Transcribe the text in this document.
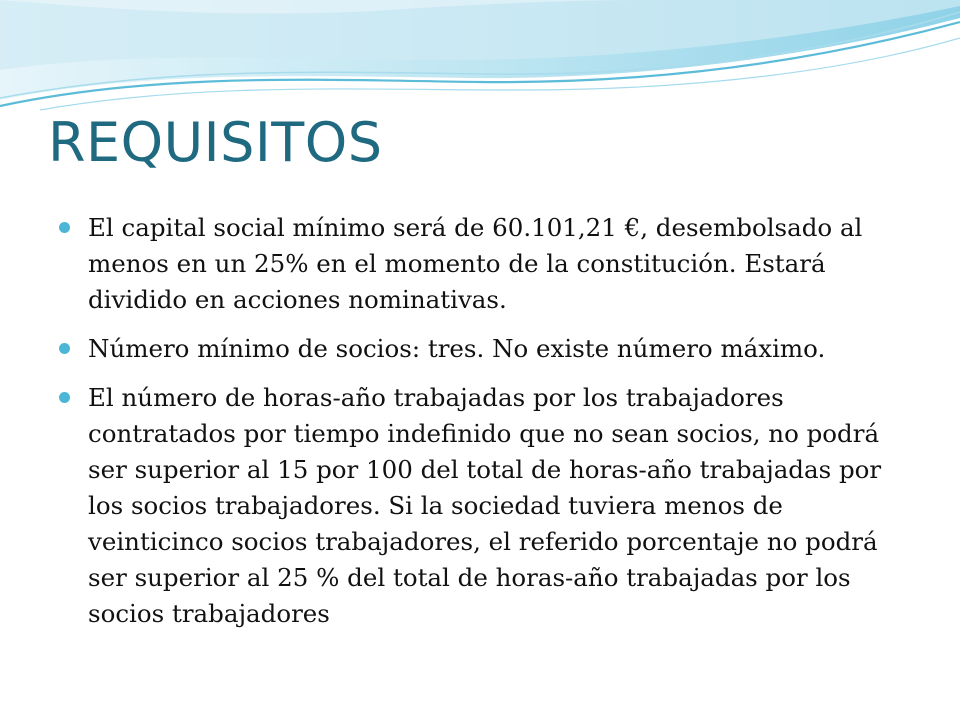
REQUISITOS
El capital social mínimo será de 60.101,21 €, desembolsado al menos en un 25% en el momento de la constitución. Estará dividido en acciones nominativas.
Número mínimo de socios: tres. No existe número máximo.
El número de horas-año trabajadas por los trabajadores contratados por tiempo indefinido que no sean socios, no podrá ser superior al 15 por 100 del total de horas-año trabajadas por los socios trabajadores. Si la sociedad tuviera menos de veinticinco socios trabajadores, el referido porcentaje no podrá ser superior al 25 % del total de horas-año trabajadas por los socios trabajadores
